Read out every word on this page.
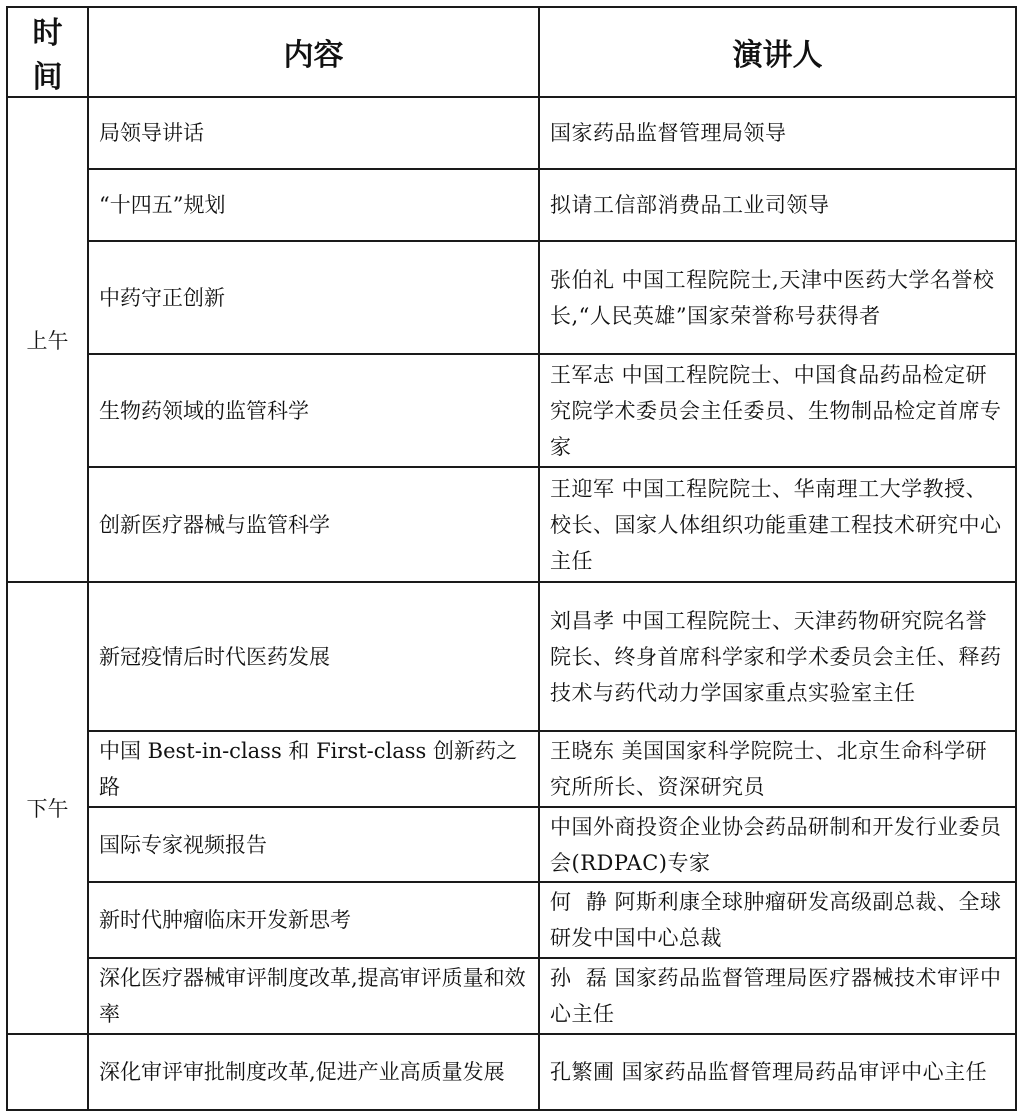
时间	内容	演讲人
上午	局领导讲话	国家药品监督管理局领导
	“十四五”规划	拟请工信部消费品工业司领导
	中药守正创新	张伯礼 中国工程院院士,天津中医药大学名誉校长,“人民英雄”国家荣誉称号获得者
	生物药领域的监管科学	王军志 中国工程院院士、中国食品药品检定研究院学术委员会主任委员、生物制品检定首席专家
	创新医疗器械与监管科学	王迎军 中国工程院院士、华南理工大学教授、校长、国家人体组织功能重建工程技术研究中心主任
下午	新冠疫情后时代医药发展	刘昌孝 中国工程院院士、天津药物研究院名誉院长、终身首席科学家和学术委员会主任、释药技术与药代动力学国家重点实验室主任
	中国 Best-in-class 和 First-class 创新药之路	王晓东 美国国家科学院院士、北京生命科学研究所所长、资深研究员
	国际专家视频报告	中国外商投资企业协会药品研制和开发行业委员会(RDPAC)专家
	新时代肿瘤临床开发新思考	何  静 阿斯利康全球肿瘤研发高级副总裁、全球研发中国中心总裁
	深化医疗器械审评制度改革,提高审评质量和效率	孙  磊 国家药品监督管理局医疗器械技术审评中心主任
	深化审评审批制度改革,促进产业高质量发展	孔繁圃 国家药品监督管理局药品审评中心主任
